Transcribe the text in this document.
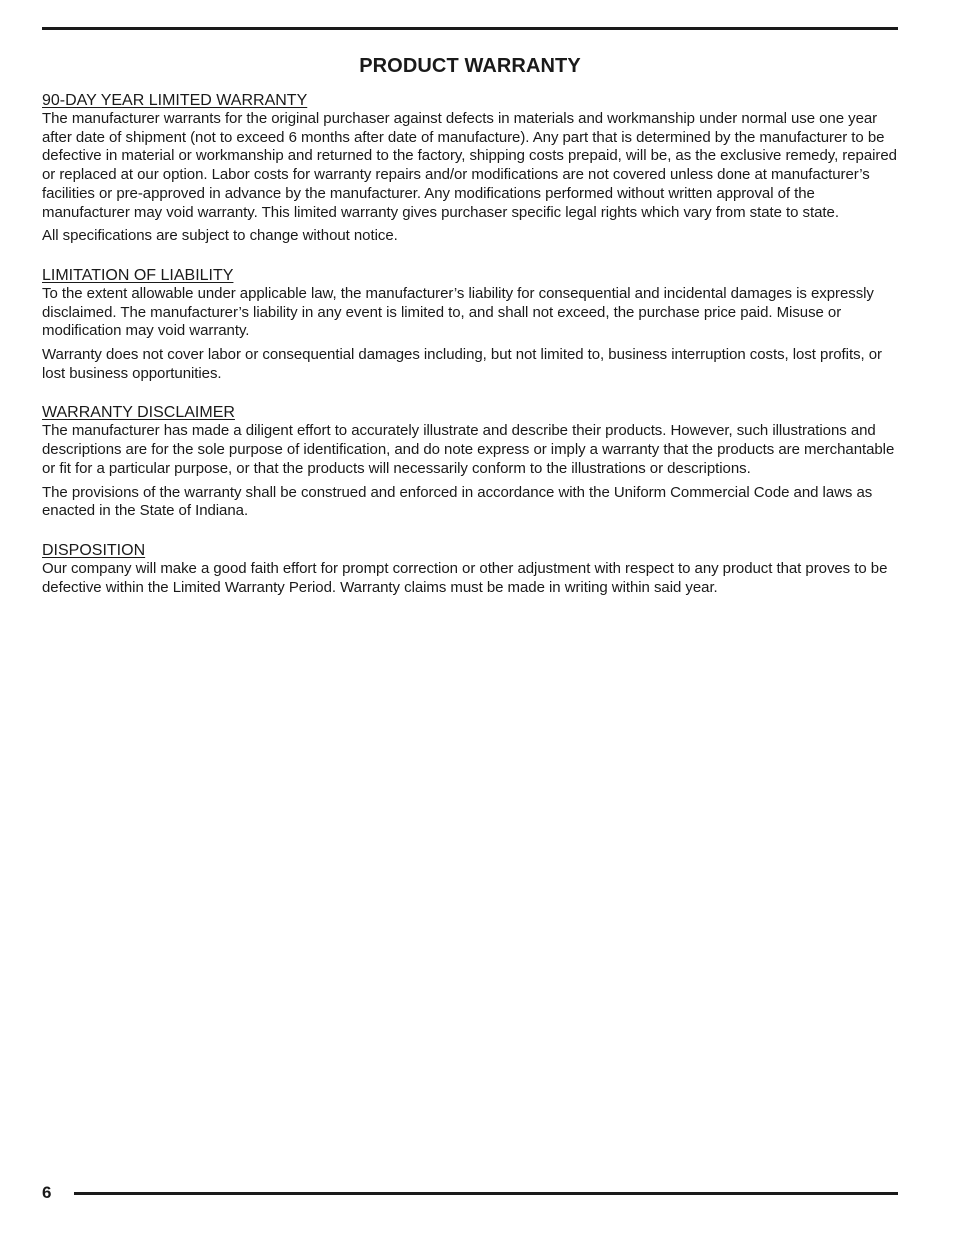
PRODUCT WARRANTY
90-DAY YEAR LIMITED WARRANTY

The manufacturer warrants for the original purchaser against defects in materials and workmanship under normal use one year after date of shipment (not to exceed 6 months after date of manufacture). Any part that is determined by the manufacturer to be defective in material or workmanship and returned to the factory, shipping costs prepaid, will be, as the exclusive remedy, repaired or replaced at our option. Labor costs for warranty repairs and/or modifications are not covered unless done at manufacturer’s facilities or pre-approved in advance by the manufacturer. Any modifications performed without written approval of the manufacturer may void warranty. This limited warranty gives purchaser specific legal rights which vary from state to state.

All specifications are subject to change without notice.

LIMITATION OF LIABILITY

To the extent allowable under applicable law, the manufacturer’s liability for consequential and incidental damages is expressly disclaimed. The manufacturer’s liability in any event is limited to, and shall not exceed, the purchase price paid. Misuse or modification may void warranty.

Warranty does not cover labor or consequential damages including, but not limited to, business interruption costs, lost profits, or lost business opportunities.

WARRANTY DISCLAIMER

The manufacturer has made a diligent effort to accurately illustrate and describe their products. However, such illustrations and descriptions are for the sole purpose of identification, and do note express or imply a warranty that the products are merchantable or fit for a particular purpose, or that the products will necessarily conform to the illustrations or descriptions.

The provisions of the warranty shall be construed and enforced in accordance with the Uniform Commercial Code and laws as enacted in the State of Indiana.

DISPOSITION

Our company will make a good faith effort for prompt correction or other adjustment with respect to any product that proves to be defective within the Limited Warranty Period. Warranty claims must be made in writing within said year.

6
